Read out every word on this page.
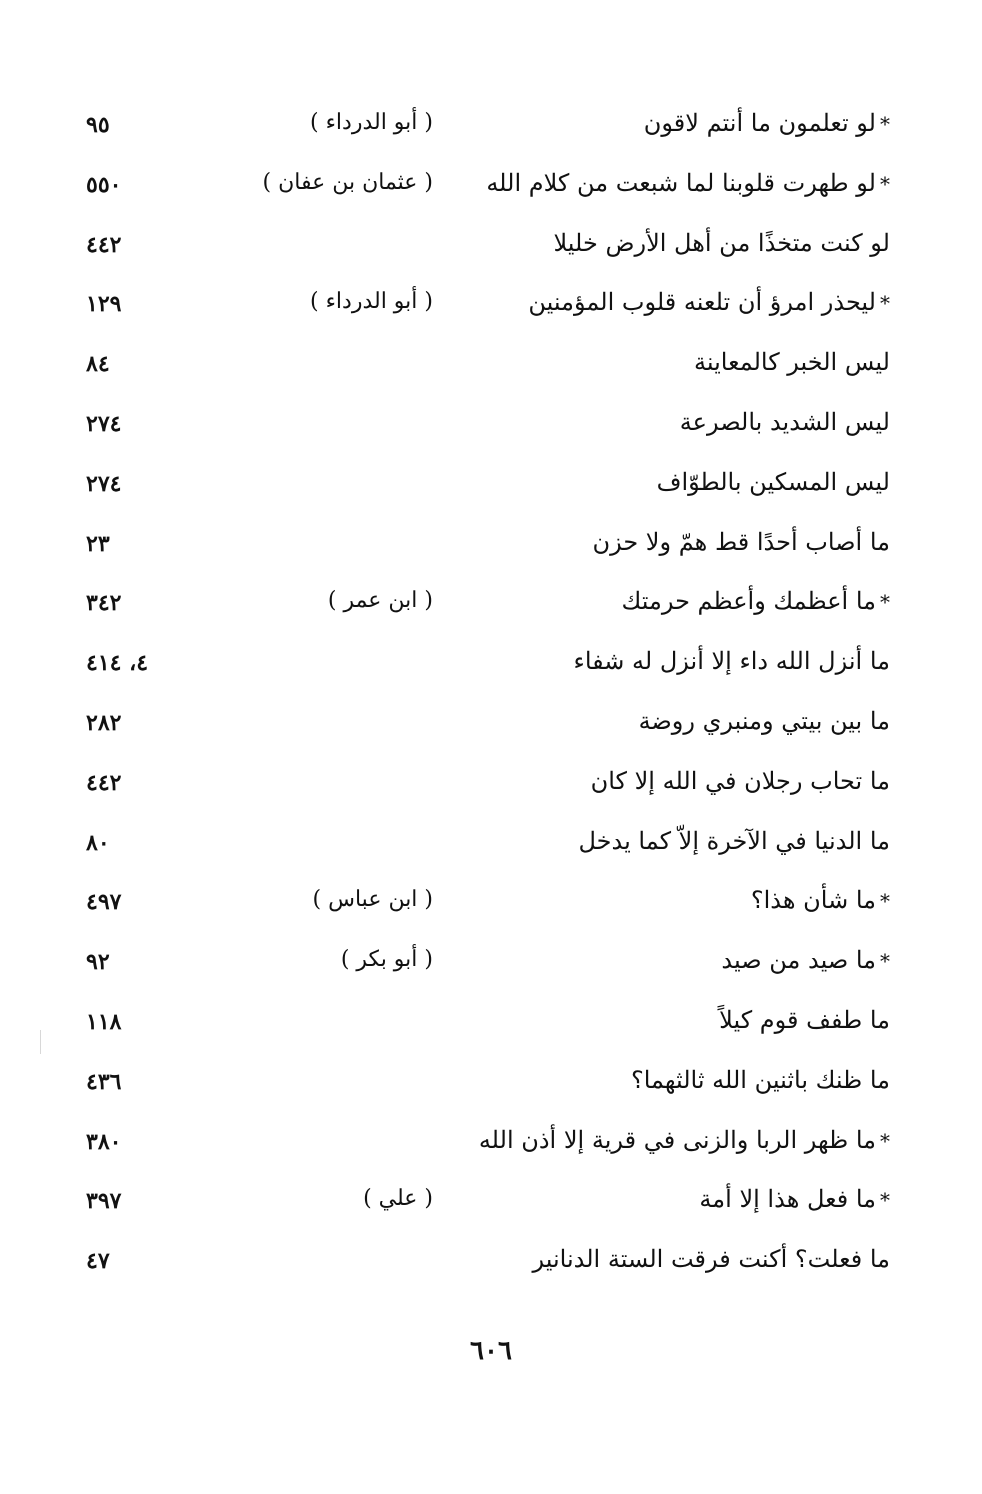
*لو تعلمون ما أنتم لاقون
( أبو الدرداء )
٩٥
*لو طهرت قلوبنا لما شبعت من كلام الله
( عثمان بن عفان )
٥٥٠
لو كنت متخذًا من أهل الأرض خليلا
٤٤٢
*ليحذر امرؤ أن تلعنه قلوب المؤمنين
( أبو الدرداء )
١٢٩
ليس الخبر كالمعاينة
٨٤
ليس الشديد بالصرعة
٢٧٤
ليس المسكين بالطوّاف
٢٧٤
ما أصاب أحدًا قط همّ ولا حزن
٢٣
*ما أعظمك وأعظم حرمتك
( ابن عمر )
٣٤٢
ما أنزل الله داء إلا أنزل له شفاء
٤، ٤١٤
ما بين بيتي ومنبري روضة
٢٨٢
ما تحاب رجلان في الله إلا كان
٤٤٢
ما الدنيا في الآخرة إلاّ كما يدخل
٨٠
*ما شأن هذا؟
( ابن عباس )
٤٩٧
*ما صيد من صيد
( أبو بكر )
٩٢
ما طفف قوم كيلاً
١١٨
ما ظنك باثنين الله ثالثهما؟
٤٣٦
*ما ظهر الربا والزنى في قرية إلا أذن الله
٣٨٠
*ما فعل هذا إلا أمة
( علي )
٣٩٧
ما فعلت؟ أكنت فرقت الستة الدنانير
٤٧
٦٠٦
